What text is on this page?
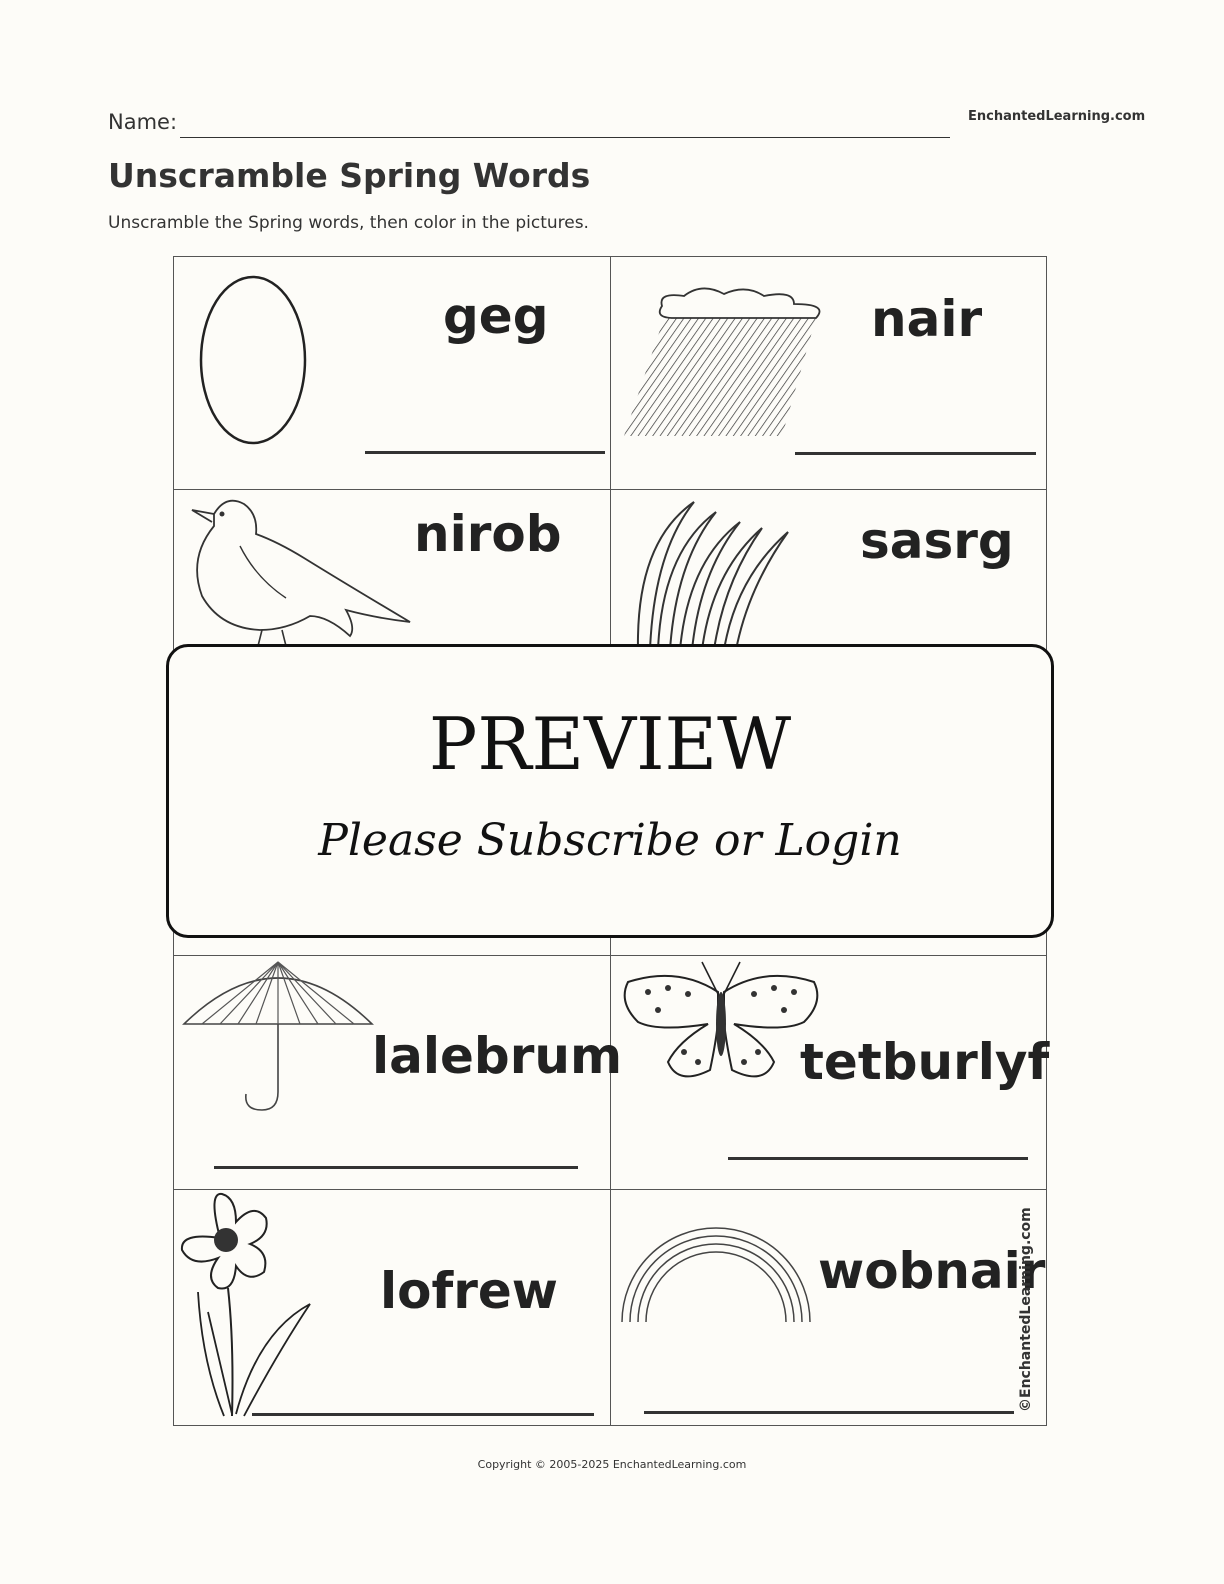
Name:	EnchantedLearning.com
Unscramble Spring Words
Unscramble the Spring words, then color in the pictures.
geg	nair
nirob	sasrg
lalebrum	tetburlyf
lofrew	wobnair
©EnchantedLearning.com
PREVIEW
Please Subscribe or Login
Copyright © 2005-2025 EnchantedLearning.com
